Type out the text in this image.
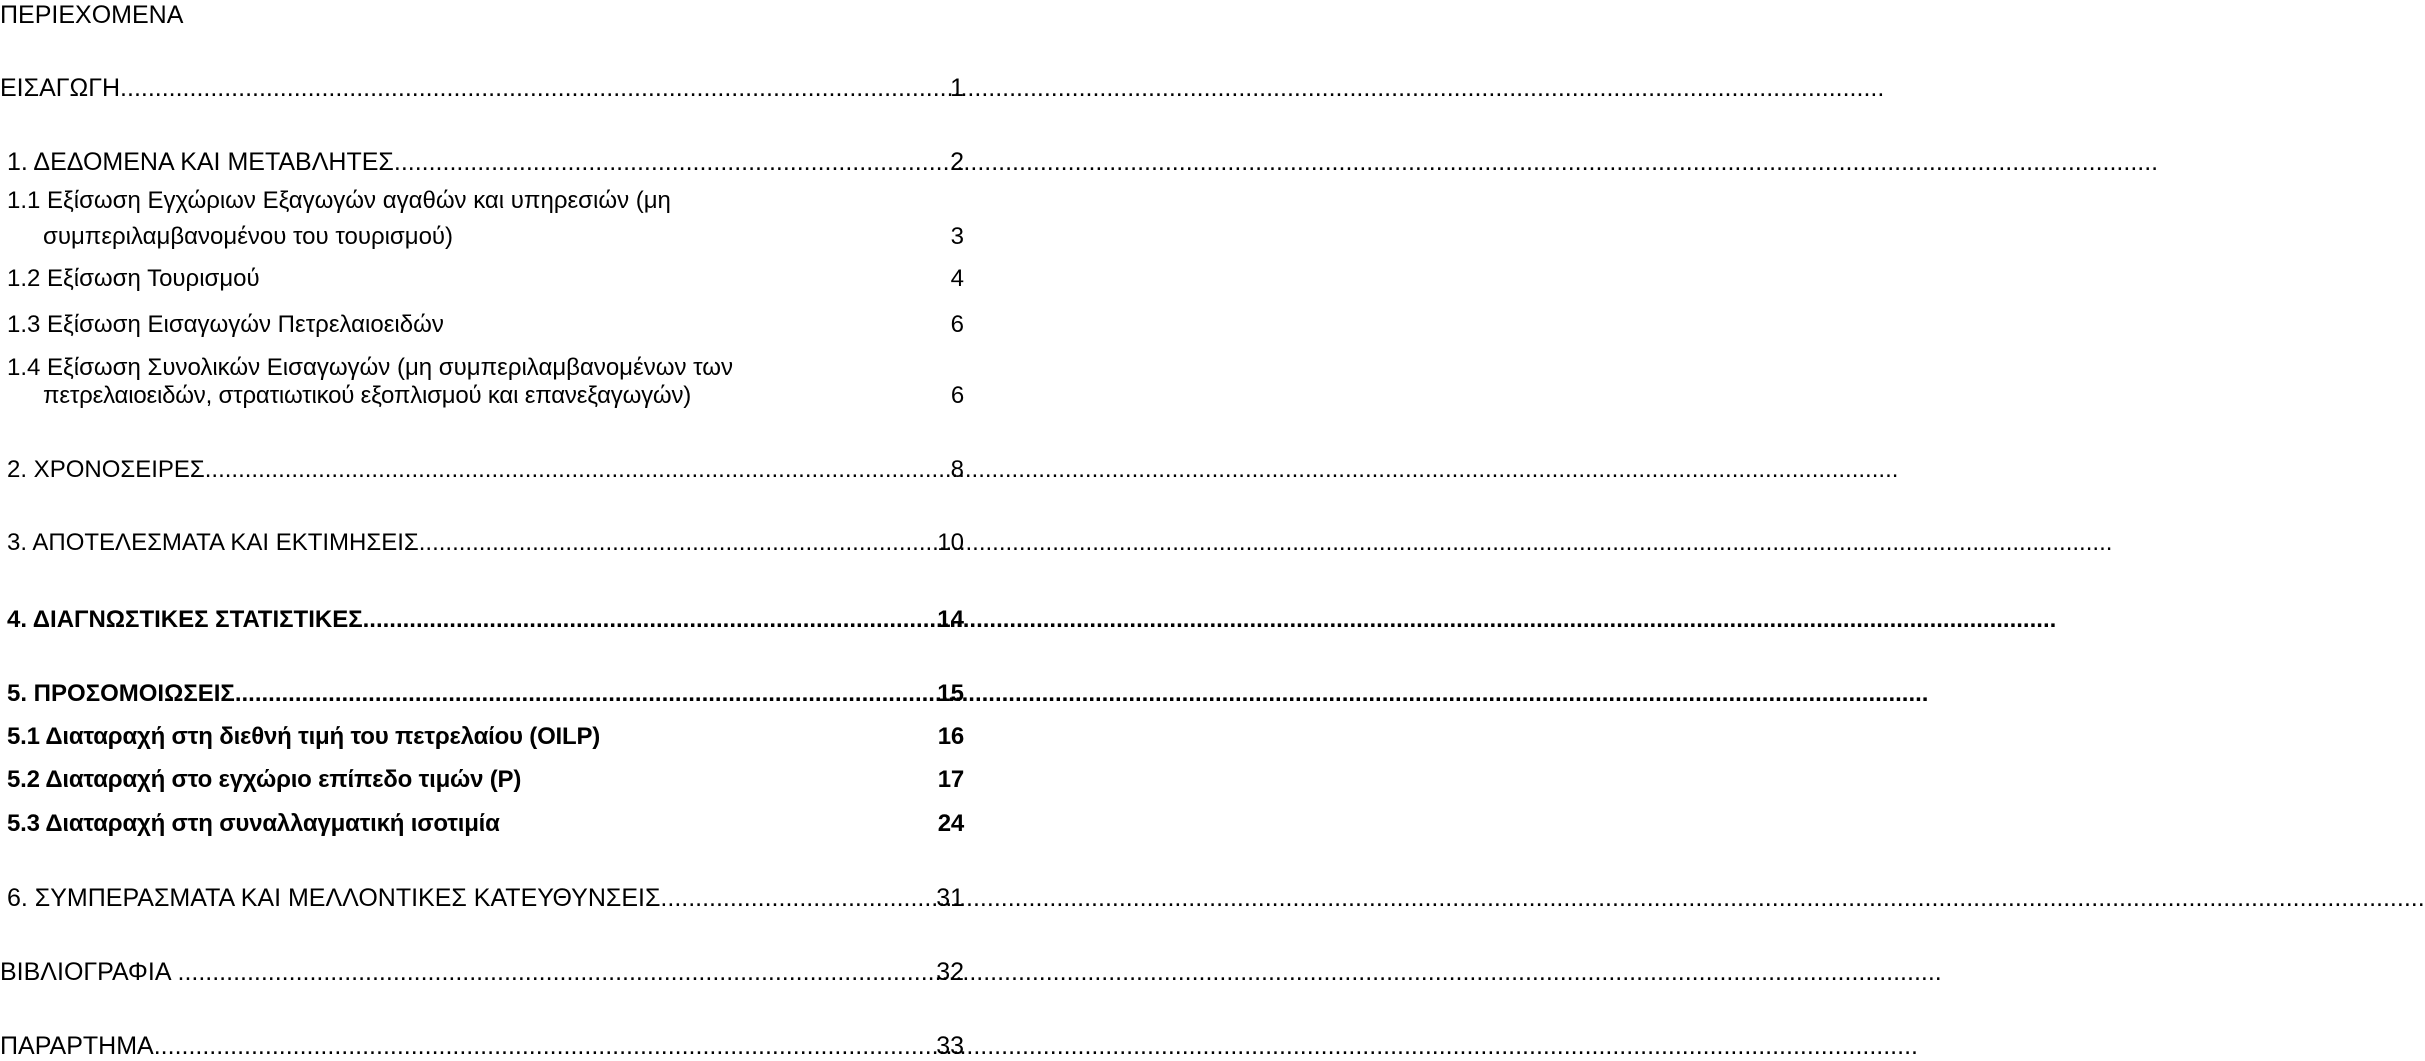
ΠΕΡΙΕΧΟΜΕΝΑ
ΕΙΣΑΓΩΓΗ .....	1
1. ΔΕΔΟΜΕΝΑ ΚΑΙ ΜΕΤΑΒΛΗΤΕΣ .....	2
1.1 Εξίσωση Εγχώριων Εξαγωγών αγαθών και υπηρεσιών (μη
συμπεριλαμβανομένου του τουρισμού)	3
1.2 Εξίσωση Τουρισμού	4
1.3 Εξίσωση Εισαγωγών Πετρελαιοειδών	6
1.4 Εξίσωση Συνολικών Εισαγωγών (μη συμπεριλαμβανομένων των
πετρελαιοειδών, στρατιωτικού εξοπλισμού και επανεξαγωγών)	6
2. ΧΡΟΝΟΣΕΙΡΕΣ .....	8
3. ΑΠΟΤΕΛΕΣΜΑΤΑ ΚΑΙ ΕΚΤΙΜΗΣΕΙΣ .....	10
4. ΔΙΑΓΝΩΣΤΙΚΕΣ ΣΤΑΤΙΣΤΙΚΕΣ .....	14
5. ΠΡΟΣΟΜΟΙΩΣΕΙΣ .....	15
5.1 Διαταραχή στη διεθνή τιμή του πετρελαίου (OILP)	16
5.2 Διαταραχή στο εγχώριο επίπεδο τιμών (P)	17
5.3 Διαταραχή στη συναλλαγματική ισοτιμία	24
6. ΣΥΜΠΕΡΑΣΜΑΤΑ ΚΑΙ ΜΕΛΛΟΝΤΙΚΕΣ ΚΑΤΕΥΘΥΝΣΕΙΣ .....	31
ΒΙΒΛΙΟΓΡΑΦΙΑ .....	32
ΠΑΡΑΡΤΗΜΑ .....	33
